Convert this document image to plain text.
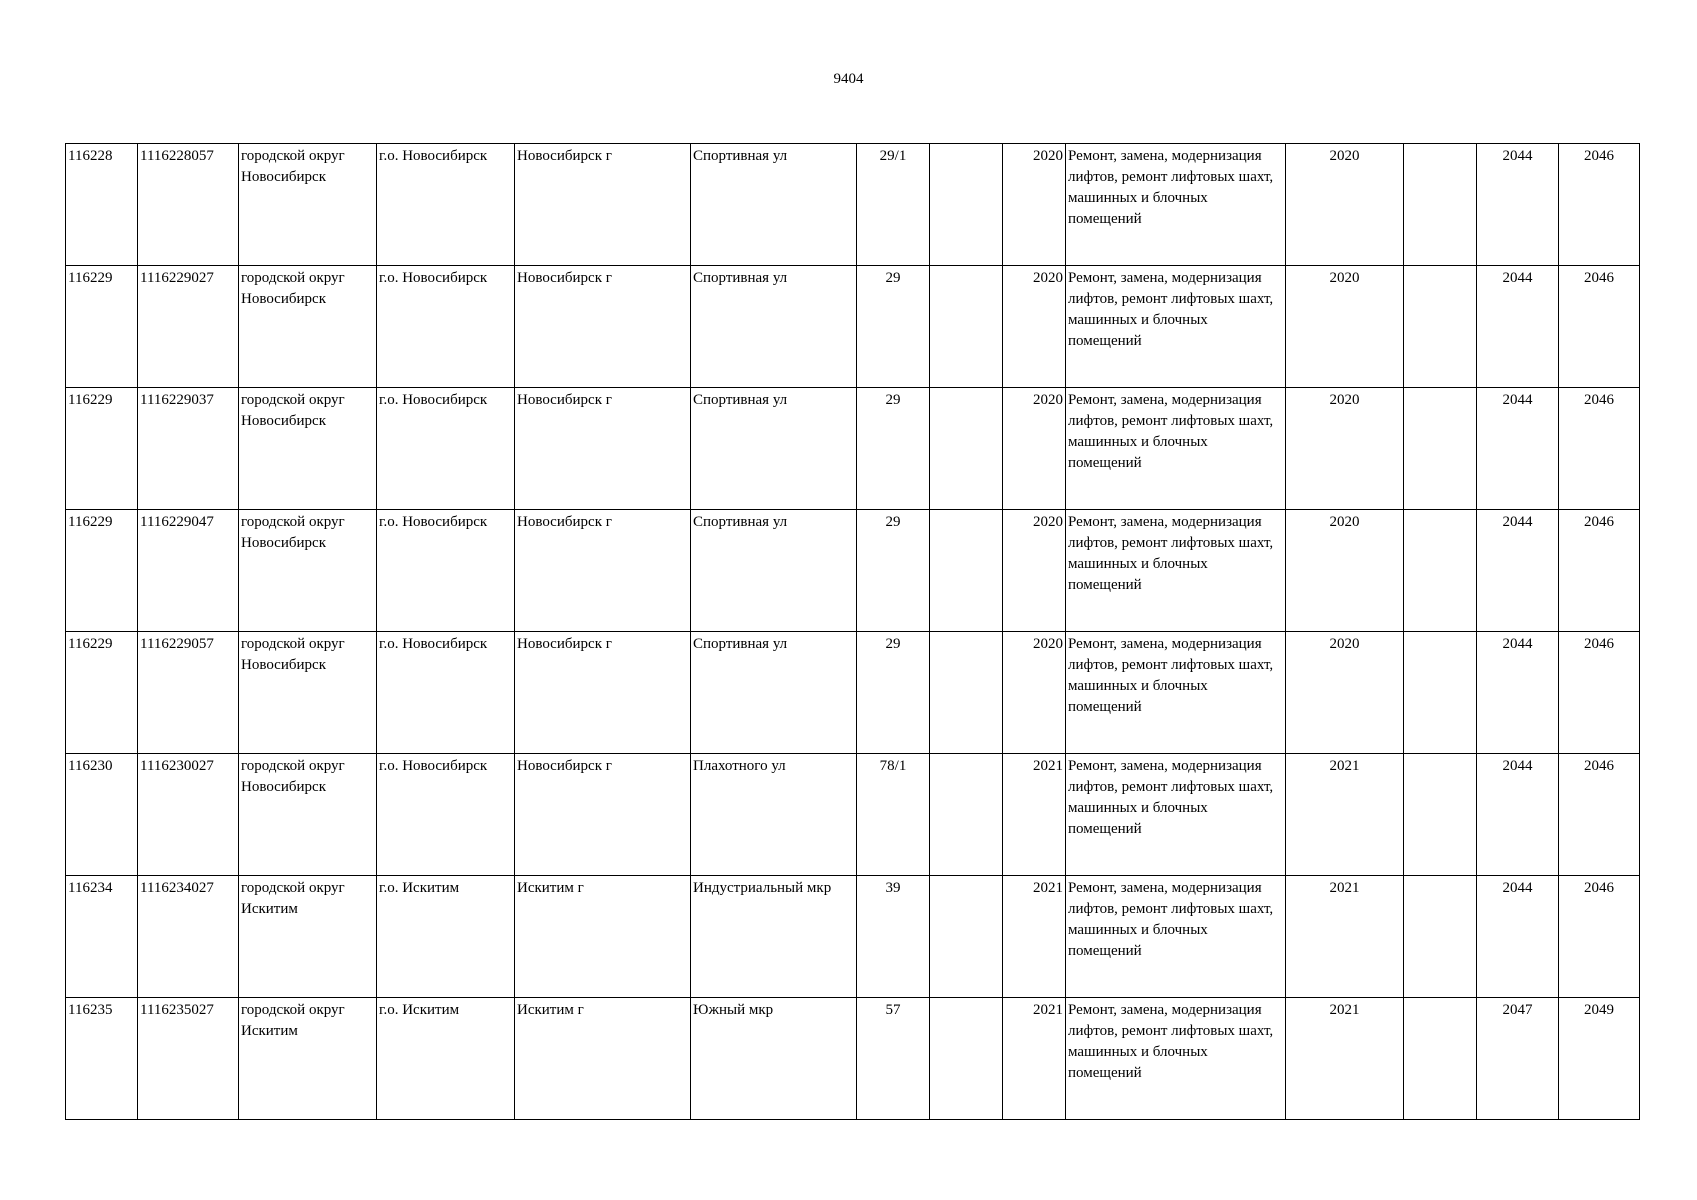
9404
116228	1116228057	городской округ Новосибирск	г.о. Новосибирск	Новосибирск г	Спортивная ул	29/1		2020	Ремонт, замена, модернизация лифтов, ремонт лифтовых шахт, машинных и блочных помещений	2020		2044	2046
116229	1116229027	городской округ Новосибирск	г.о. Новосибирск	Новосибирск г	Спортивная ул	29		2020	Ремонт, замена, модернизация лифтов, ремонт лифтовых шахт, машинных и блочных помещений	2020		2044	2046
116229	1116229037	городской округ Новосибирск	г.о. Новосибирск	Новосибирск г	Спортивная ул	29		2020	Ремонт, замена, модернизация лифтов, ремонт лифтовых шахт, машинных и блочных помещений	2020		2044	2046
116229	1116229047	городской округ Новосибирск	г.о. Новосибирск	Новосибирск г	Спортивная ул	29		2020	Ремонт, замена, модернизация лифтов, ремонт лифтовых шахт, машинных и блочных помещений	2020		2044	2046
116229	1116229057	городской округ Новосибирск	г.о. Новосибирск	Новосибирск г	Спортивная ул	29		2020	Ремонт, замена, модернизация лифтов, ремонт лифтовых шахт, машинных и блочных помещений	2020		2044	2046
116230	1116230027	городской округ Новосибирск	г.о. Новосибирск	Новосибирск г	Плахотного ул	78/1		2021	Ремонт, замена, модернизация лифтов, ремонт лифтовых шахт, машинных и блочных помещений	2021		2044	2046
116234	1116234027	городской округ Искитим	г.о. Искитим	Искитим г	Индустриальный мкр	39		2021	Ремонт, замена, модернизация лифтов, ремонт лифтовых шахт, машинных и блочных помещений	2021		2044	2046
116235	1116235027	городской округ Искитим	г.о. Искитим	Искитим г	Южный мкр	57		2021	Ремонт, замена, модернизация лифтов, ремонт лифтовых шахт, машинных и блочных помещений	2021		2047	2049
